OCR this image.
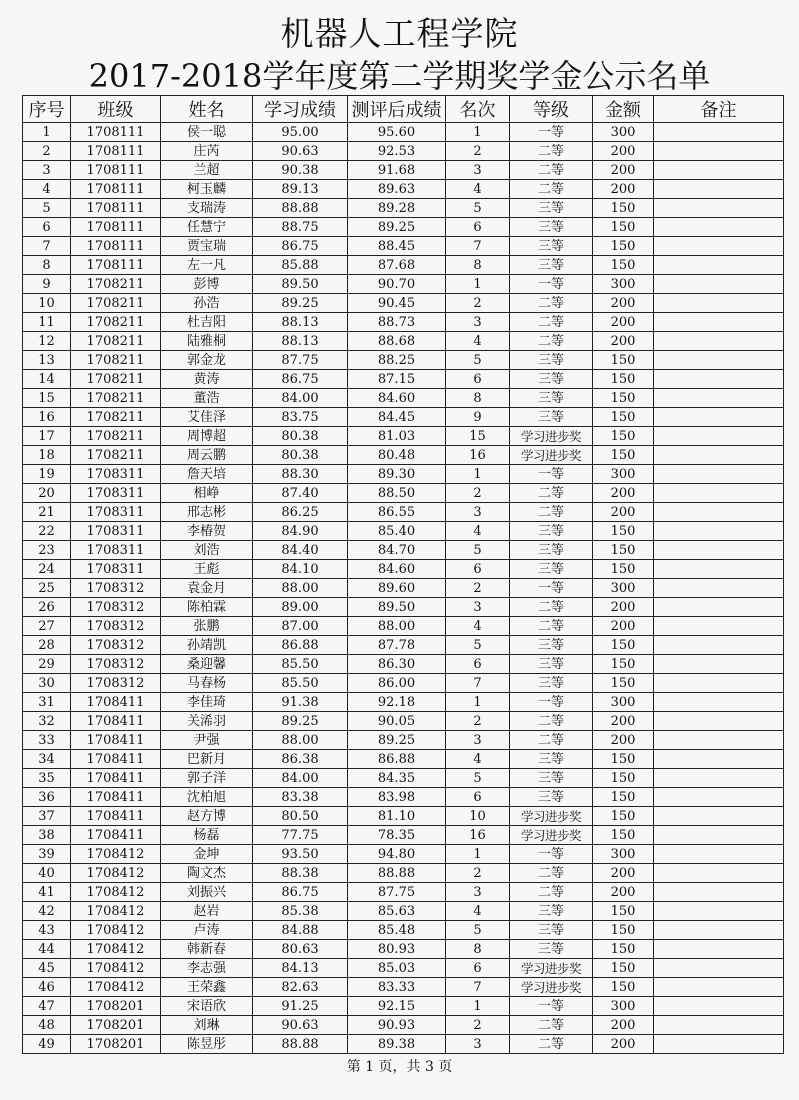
机器人工程学院
2017-2018学年度第二学期奖学金公示名单
序号	班级	姓名	学习成绩	测评后成绩	名次	等级	金额	备注
1	1708111	侯一聪	95.00	95.60	1	一等	300	
2	1708111	庄芮	90.63	92.53	2	二等	200	
3	1708111	兰超	90.38	91.68	3	二等	200	
4	1708111	柯玉麟	89.13	89.63	4	二等	200	
5	1708111	支瑞涛	88.88	89.28	5	三等	150	
6	1708111	任慧宁	88.75	89.25	6	三等	150	
7	1708111	贾宝瑞	86.75	88.45	7	三等	150	
8	1708111	左一凡	85.88	87.68	8	三等	150	
9	1708211	彭博	89.50	90.70	1	一等	300	
10	1708211	孙浩	89.25	90.45	2	二等	200	
11	1708211	杜吉阳	88.13	88.73	3	二等	200	
12	1708211	陆雅桐	88.13	88.68	4	二等	200	
13	1708211	郭金龙	87.75	88.25	5	三等	150	
14	1708211	黄涛	86.75	87.15	6	三等	150	
15	1708211	董浩	84.00	84.60	8	三等	150	
16	1708211	艾佳泽	83.75	84.45	9	三等	150	
17	1708211	周博超	80.38	81.03	15	学习进步奖	150	
18	1708211	周云鹏	80.38	80.48	16	学习进步奖	150	
19	1708311	詹天培	88.30	89.30	1	一等	300	
20	1708311	相峥	87.40	88.50	2	二等	200	
21	1708311	邢志彬	86.25	86.55	3	二等	200	
22	1708311	李椿贺	84.90	85.40	4	三等	150	
23	1708311	刘浩	84.40	84.70	5	三等	150	
24	1708311	王彪	84.10	84.60	6	三等	150	
25	1708312	袁金月	88.00	89.60	2	一等	300	
26	1708312	陈柏霖	89.00	89.50	3	二等	200	
27	1708312	张鹏	87.00	88.00	4	二等	200	
28	1708312	孙靖凯	86.88	87.78	5	三等	150	
29	1708312	桑迎馨	85.50	86.30	6	三等	150	
30	1708312	马春杨	85.50	86.00	7	三等	150	
31	1708411	李佳琦	91.38	92.18	1	一等	300	
32	1708411	关浠羽	89.25	90.05	2	二等	200	
33	1708411	尹强	88.00	89.25	3	二等	200	
34	1708411	巴新月	86.38	86.88	4	三等	150	
35	1708411	郭子洋	84.00	84.35	5	三等	150	
36	1708411	沈柏旭	83.38	83.98	6	三等	150	
37	1708411	赵方博	80.50	81.10	10	学习进步奖	150	
38	1708411	杨磊	77.75	78.35	16	学习进步奖	150	
39	1708412	金坤	93.50	94.80	1	一等	300	
40	1708412	陶文杰	88.38	88.88	2	二等	200	
41	1708412	刘振兴	86.75	87.75	3	二等	200	
42	1708412	赵岩	85.38	85.63	4	三等	150	
43	1708412	卢涛	84.88	85.48	5	三等	150	
44	1708412	韩新春	80.63	80.93	8	三等	150	
45	1708412	李志强	84.13	85.03	6	学习进步奖	150	
46	1708412	王荣鑫	82.63	83.33	7	学习进步奖	150	
47	1708201	宋语欣	91.25	92.15	1	一等	300	
48	1708201	刘琳	90.63	90.93	2	二等	200	
49	1708201	陈昱彤	88.88	89.38	3	二等	200	
第 1 页，共 3 页
